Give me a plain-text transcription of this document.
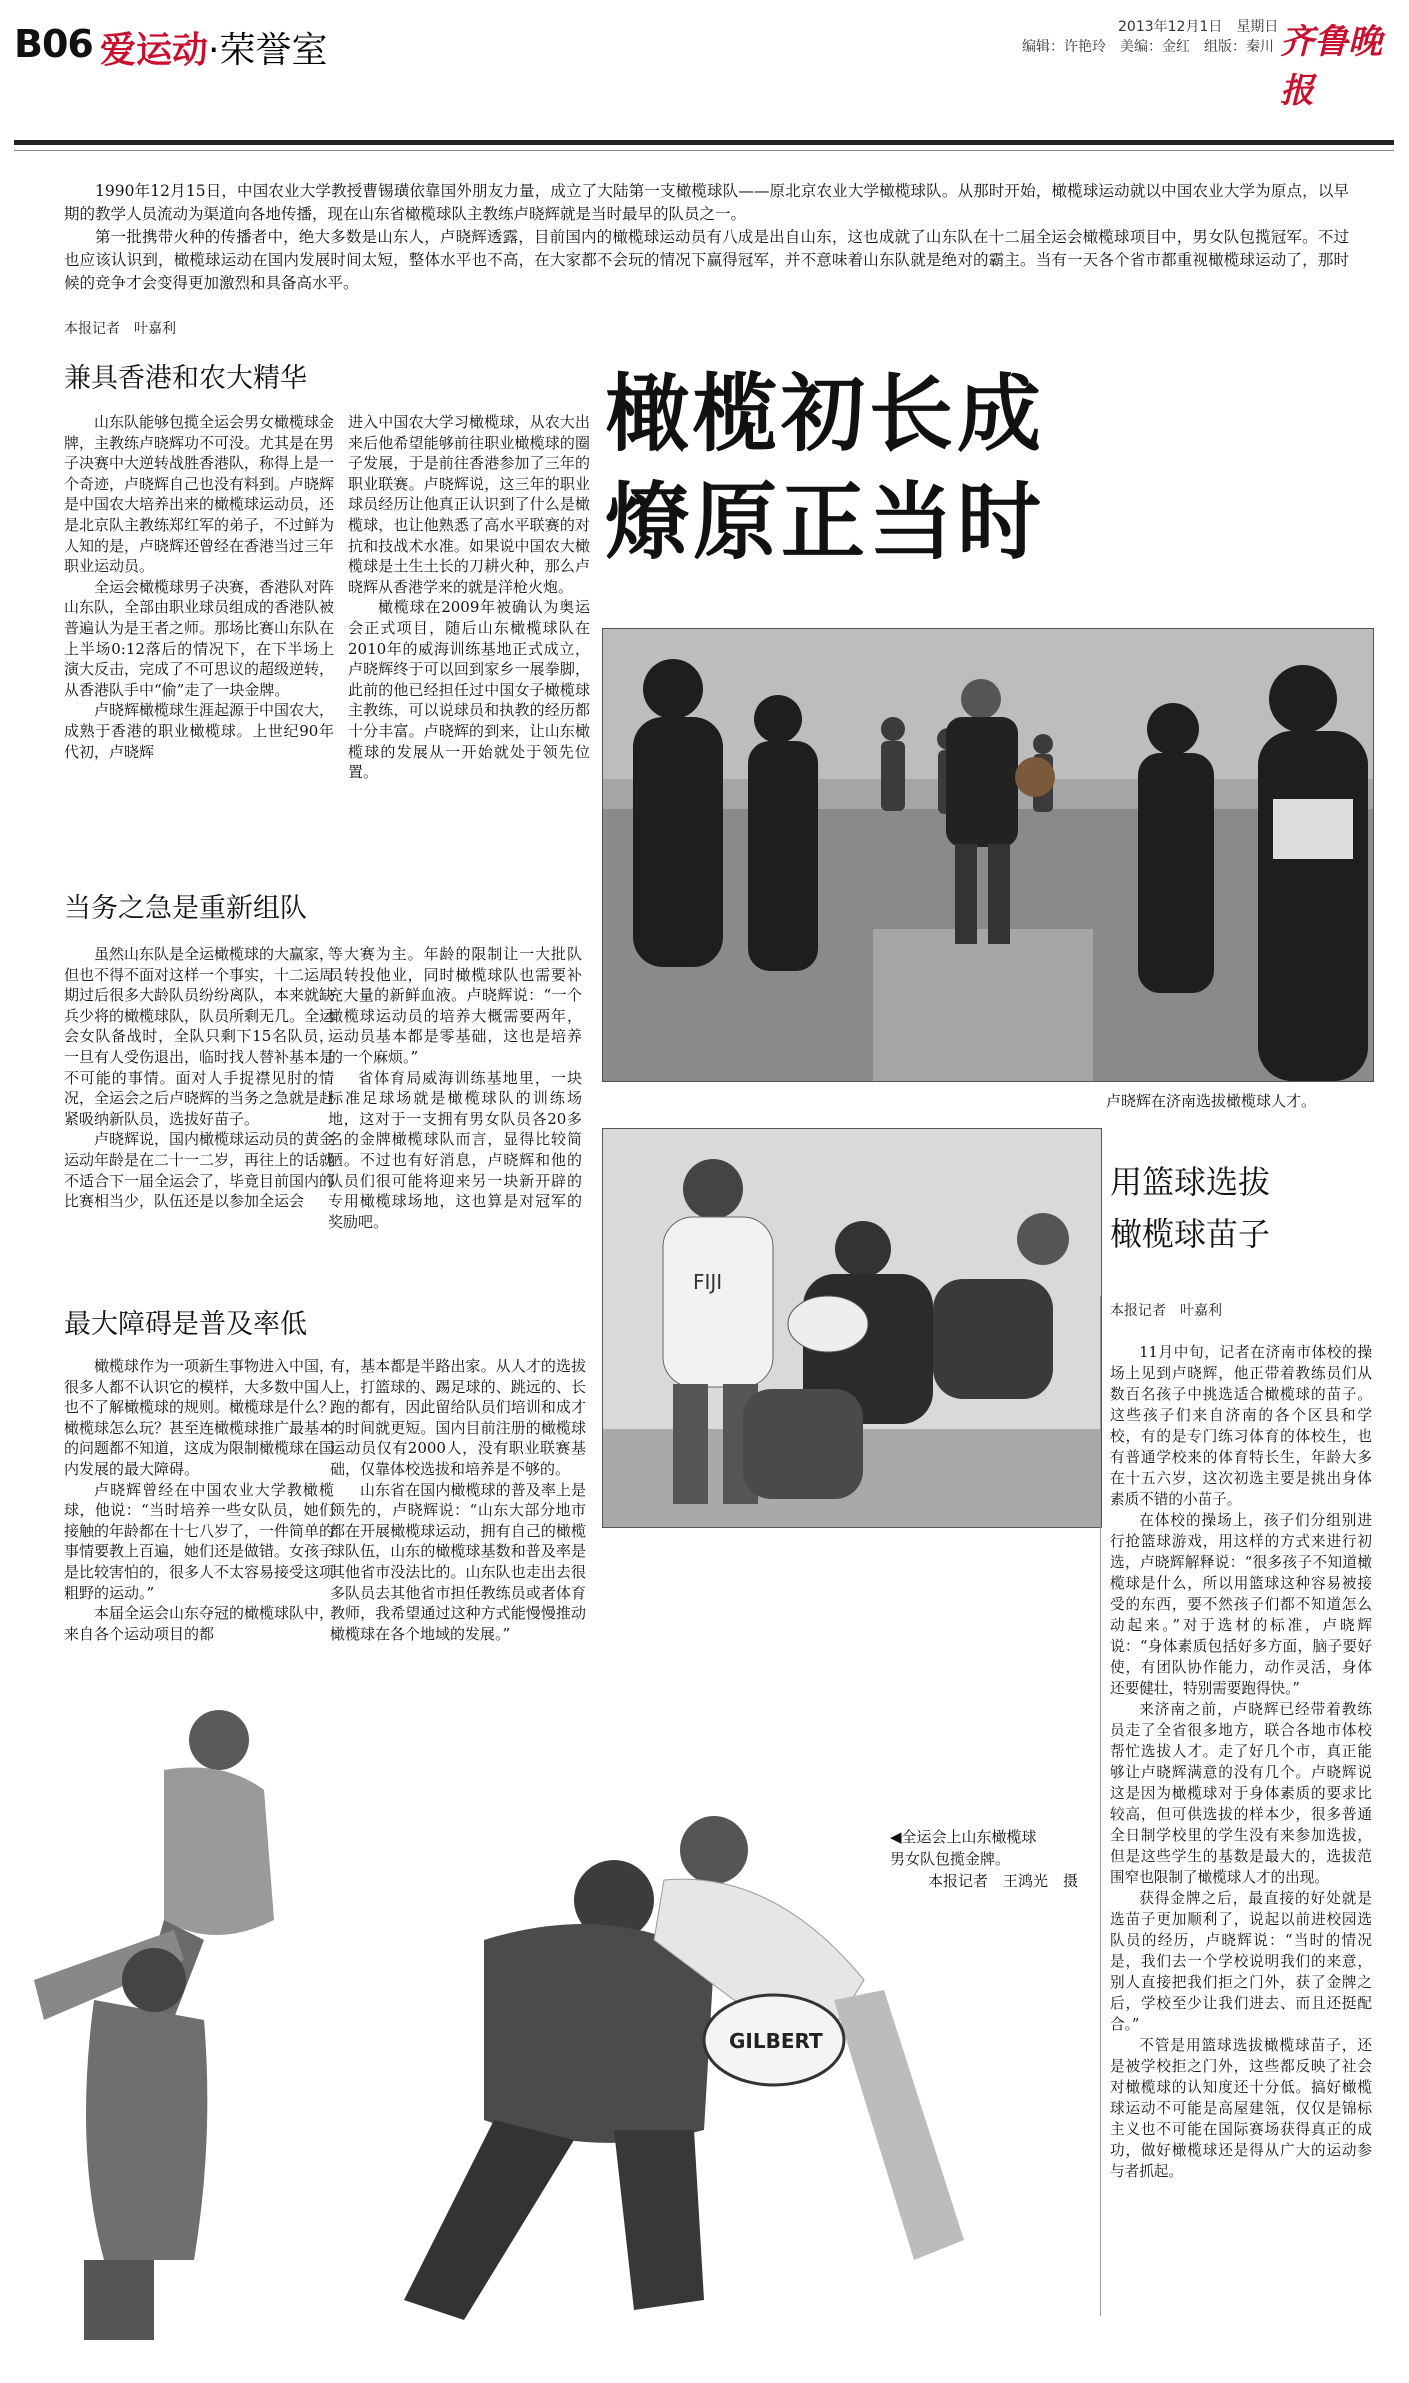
B06 爱运动·荣誉室
2013年12月1日　星期日
编辑：许艳玲　美编：金红　组版：秦川 齐鲁晚报

1990年12月15日，中国农业大学教授曹锡璜依靠国外朋友力量，成立了大陆第一支橄榄球队——原北京农业大学橄榄球队。从那时开始，橄榄球运动就以中国农业大学为原点，以早期的教学人员流动为渠道向各地传播，现在山东省橄榄球队主教练卢晓辉就是当时最早的队员之一。

第一批携带火种的传播者中，绝大多数是山东人，卢晓辉透露，目前国内的橄榄球运动员有八成是出自山东，这也成就了山东队在十二届全运会橄榄球项目中，男女队包揽冠军。不过也应该认识到，橄榄球运动在国内发展时间太短，整体水平也不高，在大家都不会玩的情况下赢得冠军，并不意味着山东队就是绝对的霸主。当有一天各个省市都重视橄榄球运动了，那时候的竞争才会变得更加激烈和具备高水平。

本报记者　叶嘉利
橄榄初长成
燎原正当时
兼具香港和农大精华

山东队能够包揽全运会男女橄榄球金牌，主教练卢晓辉功不可没。尤其是在男子决赛中大逆转战胜香港队，称得上是一个奇迹，卢晓辉自己也没有料到。卢晓辉是中国农大培养出来的橄榄球运动员，还是北京队主教练郑红军的弟子，不过鲜为人知的是，卢晓辉还曾经在香港当过三年职业运动员。

全运会橄榄球男子决赛，香港队对阵山东队，全部由职业球员组成的香港队被普遍认为是王者之师。那场比赛山东队在上半场0:12落后的情况下，在下半场上演大反击，完成了不可思议的超级逆转，从香港队手中“偷”走了一块金牌。

卢晓辉橄榄球生涯起源于中国农大，成熟于香港的职业橄榄球。上世纪90年代初，卢晓辉

进入中国农大学习橄榄球，从农大出来后他希望能够前往职业橄榄球的圈子发展，于是前往香港参加了三年的职业联赛。卢晓辉说，这三年的职业球员经历让他真正认识到了什么是橄榄球，也让他熟悉了高水平联赛的对抗和技战术水准。如果说中国农大橄榄球是土生土长的刀耕火种，那么卢晓辉从香港学来的就是洋枪火炮。

橄榄球在2009年被确认为奥运会正式项目，随后山东橄榄球队在2010年的威海训练基地正式成立，卢晓辉终于可以回到家乡一展拳脚，此前的他已经担任过中国女子橄榄球主教练，可以说球员和执教的经历都十分丰富。卢晓辉的到来，让山东橄榄球的发展从一开始就处于领先位置。

当务之急是重新组队

虽然山东队是全运橄榄球的大赢家，但也不得不面对这样一个事实，十二运周期过后很多大龄队员纷纷离队，本来就缺兵少将的橄榄球队，队员所剩无几。全运会女队备战时，全队只剩下15名队员，一旦有人受伤退出，临时找人替补基本是不可能的事情。面对人手捉襟见肘的情况，全运会之后卢晓辉的当务之急就是赶紧吸纳新队员，选拔好苗子。

卢晓辉说，国内橄榄球运动员的黄金运动年龄是在二十一二岁，再往上的话就不适合下一届全运会了，毕竟目前国内的比赛相当少，队伍还是以参加全运会

等大赛为主。年龄的限制让一大批队员转投他业，同时橄榄球队也需要补充大量的新鲜血液。卢晓辉说：“一个橄榄球运动员的培养大概需要两年，运动员基本都是零基础，这也是培养的一个麻烦。”

省体育局威海训练基地里，一块标准足球场就是橄榄球队的训练场地，这对于一支拥有男女队员各20多名的金牌橄榄球队而言，显得比较简陋。不过也有好消息，卢晓辉和他的队员们很可能将迎来另一块新开辟的专用橄榄球场地，这也算是对冠军的奖励吧。

最大障碍是普及率低

橄榄球作为一项新生事物进入中国，很多人都不认识它的模样，大多数中国人也不了解橄榄球的规则。橄榄球是什么？橄榄球怎么玩？甚至连橄榄球推广最基本的问题都不知道，这成为限制橄榄球在国内发展的最大障碍。

卢晓辉曾经在中国农业大学教橄榄球，他说：“当时培养一些女队员，她们接触的年龄都在十七八岁了，一件简单的事情要教上百遍，她们还是做错。女孩子是比较害怕的，很多人不太容易接受这项粗野的运动。”

本届全运会山东夺冠的橄榄球队中，来自各个运动项目的都

有，基本都是半路出家。从人才的选拔上，打篮球的、踢足球的、跳远的、长跑的都有，因此留给队员们培训和成才的时间就更短。国内目前注册的橄榄球运动员仅有2000人，没有职业联赛基础，仅靠体校选拔和培养是不够的。

山东省在国内橄榄球的普及率上是领先的，卢晓辉说：“山东大部分地市都在开展橄榄球运动，拥有自己的橄榄球队伍，山东的橄榄球基数和普及率是其他省市没法比的。山东队也走出去很多队员去其他省市担任教练员或者体育教师，我希望通过这种方式能慢慢推动橄榄球在各个地域的发展。”

卢晓辉在济南选拔橄榄球人才。
FIJI
用篮球选拔
橄榄球苗子
本报记者　叶嘉利

11月中旬，记者在济南市体校的操场上见到卢晓辉，他正带着教练员们从数百名孩子中挑选适合橄榄球的苗子。这些孩子们来自济南的各个区县和学校，有的是专门练习体育的体校生，也有普通学校来的体育特长生，年龄大多在十五六岁，这次初选主要是挑出身体素质不错的小苗子。

在体校的操场上，孩子们分组别进行抢篮球游戏，用这样的方式来进行初选，卢晓辉解释说：“很多孩子不知道橄榄球是什么，所以用篮球这种容易被接受的东西，要不然孩子们都不知道怎么动起来。”对于选材的标准，卢晓辉说：“身体素质包括好多方面，脑子要好使，有团队协作能力，动作灵活，身体还要健壮，特别需要跑得快。”

来济南之前，卢晓辉已经带着教练员走了全省很多地方，联合各地市体校帮忙选拔人才。走了好几个市，真正能够让卢晓辉满意的没有几个。卢晓辉说这是因为橄榄球对于身体素质的要求比较高，但可供选拔的样本少，很多普通全日制学校里的学生没有来参加选拔，但是这些学生的基数是最大的，选拔范围窄也限制了橄榄球人才的出现。

获得金牌之后，最直接的好处就是选苗子更加顺利了，说起以前进校园选队员的经历，卢晓辉说：“当时的情况是，我们去一个学校说明我们的来意，别人直接把我们拒之门外，获了金牌之后，学校至少让我们进去、而且还挺配合。”

不管是用篮球选拔橄榄球苗子，还是被学校拒之门外，这些都反映了社会对橄榄球的认知度还十分低。搞好橄榄球运动不可能是高屋建瓴，仅仅是锦标主义也不可能在国际赛场获得真正的成功，做好橄榄球还是得从广大的运动参与者抓起。

GILBERT
◀全运会上山东橄榄球
男女队包揽金牌。
本报记者　王鸿光　摄
